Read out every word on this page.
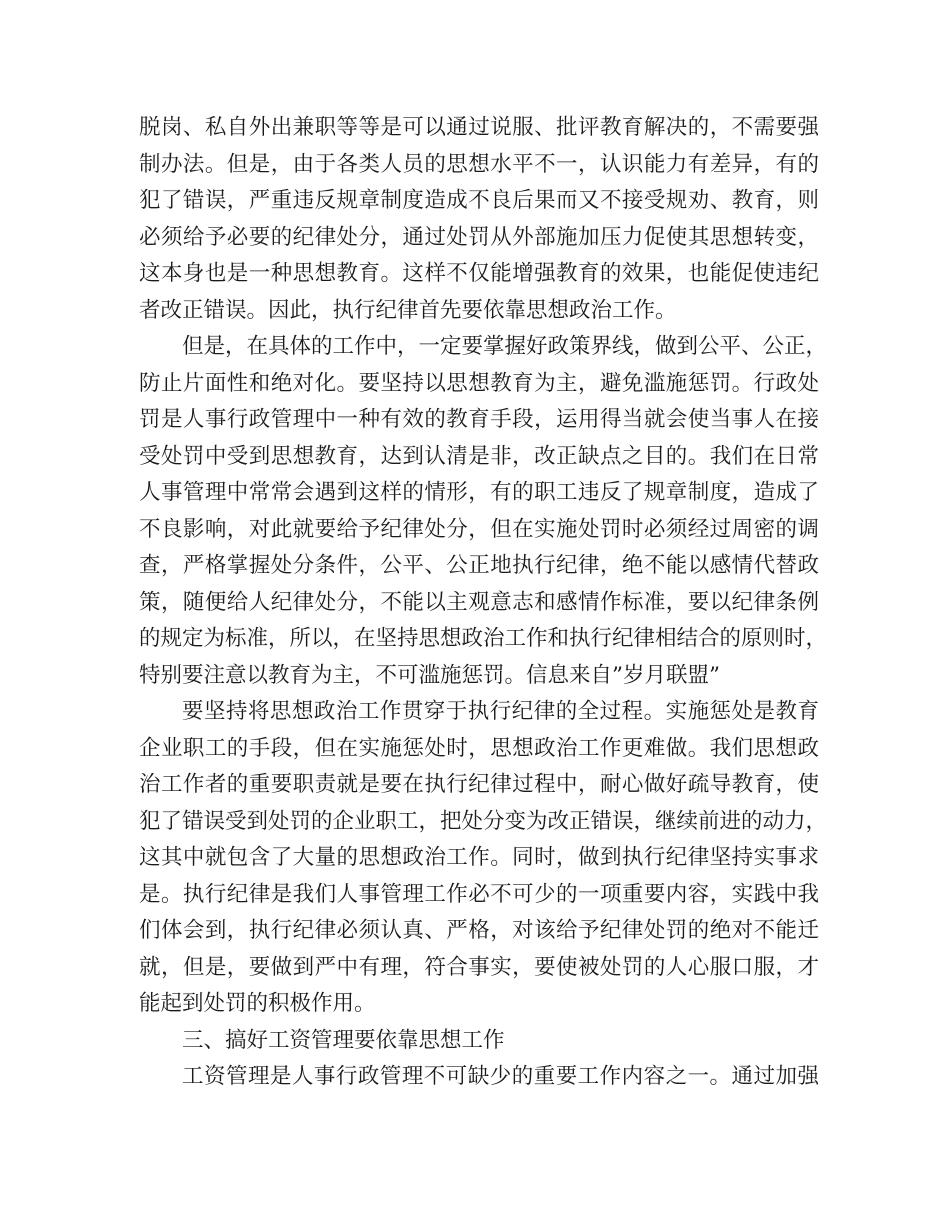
脱岗、私自外出兼职等等是可以通过说服、批评教育解决的，不需要强
制办法。但是，由于各类人员的思想水平不一，认识能力有差异，有的
犯了错误，严重违反规章制度造成不良后果而又不接受规劝、教育，则
必须给予必要的纪律处分，通过处罚从外部施加压力促使其思想转变，
这本身也是一种思想教育。这样不仅能增强教育的效果，也能促使违纪
者改正错误。因此，执行纪律首先要依靠思想政治工作。
但是，在具体的工作中，一定要掌握好政策界线，做到公平、公正，
防止片面性和绝对化。要坚持以思想教育为主，避免滥施惩罚。行政处
罚是人事行政管理中一种有效的教育手段，运用得当就会使当事人在接
受处罚中受到思想教育，达到认清是非，改正缺点之目的。我们在日常
人事管理中常常会遇到这样的情形，有的职工违反了规章制度，造成了
不良影响，对此就要给予纪律处分，但在实施处罚时必须经过周密的调
查，严格掌握处分条件，公平、公正地执行纪律，绝不能以感情代替政
策，随便给人纪律处分，不能以主观意志和感情作标准，要以纪律条例
的规定为标准，所以，在坚持思想政治工作和执行纪律相结合的原则时，
特别要注意以教育为主，不可滥施惩罚。信息来自”岁月联盟”
要坚持将思想政治工作贯穿于执行纪律的全过程。实施惩处是教育
企业职工的手段，但在实施惩处时，思想政治工作更难做。我们思想政
治工作者的重要职责就是要在执行纪律过程中，耐心做好疏导教育，使
犯了错误受到处罚的企业职工，把处分变为改正错误，继续前进的动力，
这其中就包含了大量的思想政治工作。同时，做到执行纪律坚持实事求
是。执行纪律是我们人事管理工作必不可少的一项重要内容，实践中我
们体会到，执行纪律必须认真、严格，对该给予纪律处罚的绝对不能迁
就，但是，要做到严中有理，符合事实，要使被处罚的人心服口服，才
能起到处罚的积极作用。
三、搞好工资管理要依靠思想工作
工资管理是人事行政管理不可缺少的重要工作内容之一。通过加强
